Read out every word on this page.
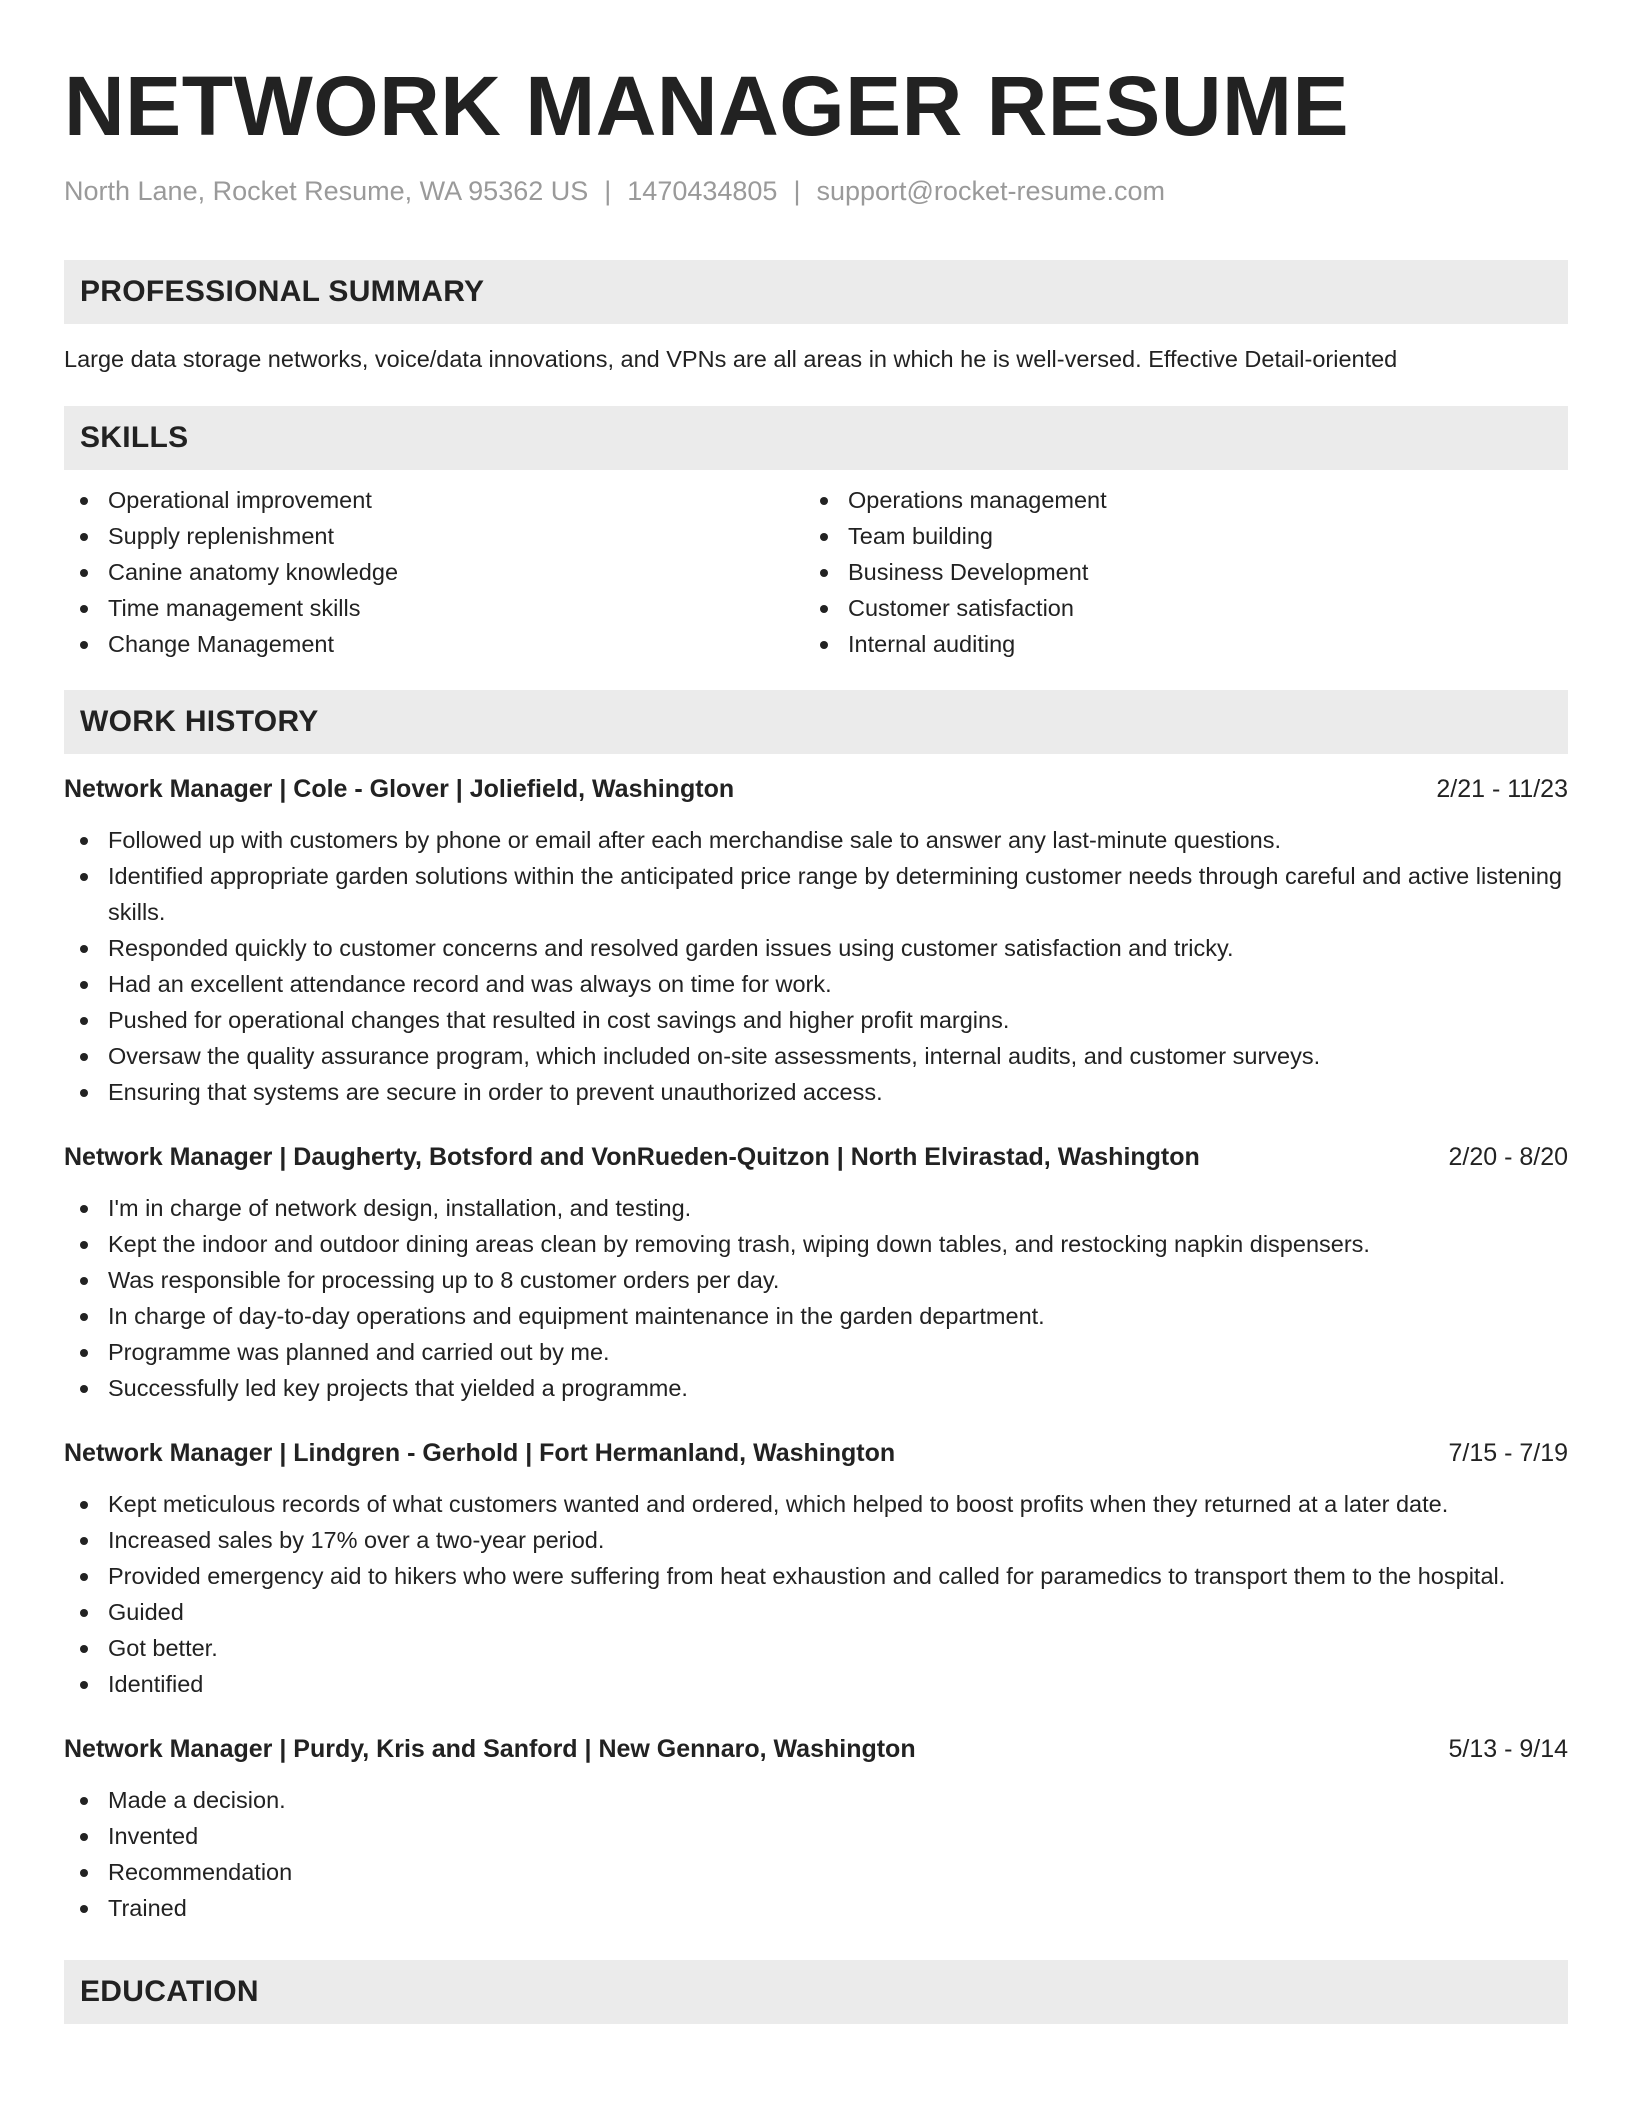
NETWORK MANAGER RESUME
North Lane, Rocket Resume, WA 95362 US | 1470434805 | support@rocket-resume.com
PROFESSIONAL SUMMARY
Large data storage networks, voice/data innovations, and VPNs are all areas in which he is well-versed. Effective Detail-oriented
SKILLS
Operational improvement
Supply replenishment
Canine anatomy knowledge
Time management skills
Change Management
Operations management
Team building
Business Development
Customer satisfaction
Internal auditing
WORK HISTORY
Network Manager | Cole - Glover | Joliefield, Washington	2/21 - 11/23
Followed up with customers by phone or email after each merchandise sale to answer any last-minute questions.
Identified appropriate garden solutions within the anticipated price range by determining customer needs through careful and active listening skills.
Responded quickly to customer concerns and resolved garden issues using customer satisfaction and tricky.
Had an excellent attendance record and was always on time for work.
Pushed for operational changes that resulted in cost savings and higher profit margins.
Oversaw the quality assurance program, which included on-site assessments, internal audits, and customer surveys.
Ensuring that systems are secure in order to prevent unauthorized access.
Network Manager | Daugherty, Botsford and VonRueden-Quitzon | North Elvirastad, Washington	2/20 - 8/20
I'm in charge of network design, installation, and testing.
Kept the indoor and outdoor dining areas clean by removing trash, wiping down tables, and restocking napkin dispensers.
Was responsible for processing up to 8 customer orders per day.
In charge of day-to-day operations and equipment maintenance in the garden department.
Programme was planned and carried out by me.
Successfully led key projects that yielded a programme.
Network Manager | Lindgren - Gerhold | Fort Hermanland, Washington	7/15 - 7/19
Kept meticulous records of what customers wanted and ordered, which helped to boost profits when they returned at a later date.
Increased sales by 17% over a two-year period.
Provided emergency aid to hikers who were suffering from heat exhaustion and called for paramedics to transport them to the hospital.
Guided
Got better.
Identified
Network Manager | Purdy, Kris and Sanford | New Gennaro, Washington	5/13 - 9/14
Made a decision.
Invented
Recommendation
Trained
EDUCATION
